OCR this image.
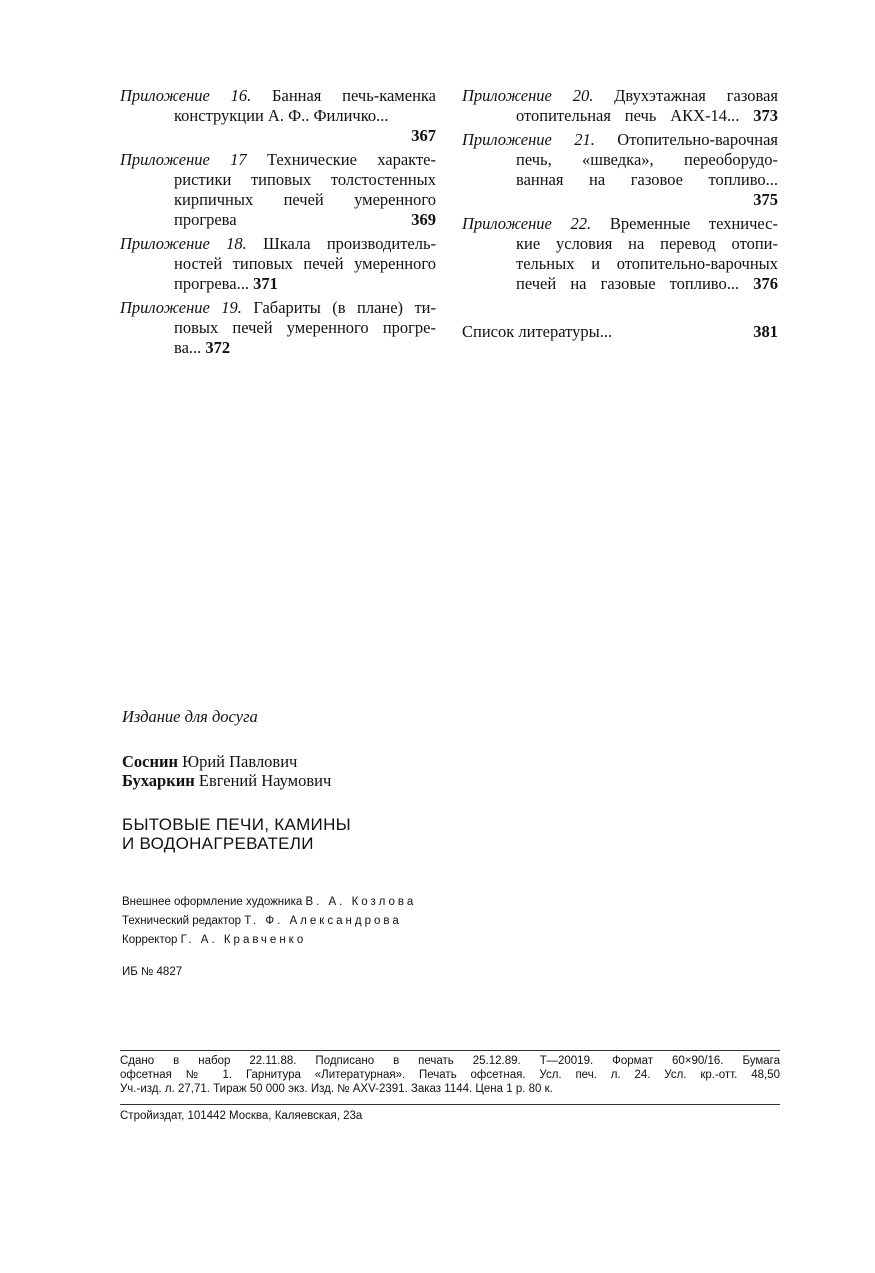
Приложение 16. Банная печь-каменка
конструкции А. Ф.. Филичко...
367
Приложение 17 Технические характе-
ристики типовых толстостенных
кирпичных печей умеренного
прогрева	369
Приложение 18. Шкала производитель-
ностей типовых печей умеренного
прогрева... 371
Приложение 19. Габариты (в плане) ти-
повых печей умеренного прогре-
ва... 372
Приложение 20. Двухэтажная газовая
отопительная печь АКХ-14... 373
Приложение 21. Отопительно-варочная
печь, «шведка», переоборудо-
ванная на газовое топливо...
375
Приложение 22. Временные техничес-
кие условия на перевод отопи-
тельных и отопительно-варочных
печей на газовые топливо... 376
Список литературы...	381
Издание для досуга
Соснин Юрий Павлович
Бухаркин Евгений Наумович
БЫТОВЫЕ ПЕЧИ, КАМИНЫ
И ВОДОНАГРЕВАТЕЛИ
Внешнее оформление художника В. А. Козлова
Технический редактор Т. Ф. Александрова
Корректор Г. А. Кравченко
ИБ № 4827
Сдано в набор 22.11.88. Подписано в печать 25.12.89. Т—20019. Формат 60×90/16. Бумага
офсетная № 1. Гарнитура «Литературная». Печать офсетная. Усл. печ. л. 24. Усл. кр.-отт. 48,50
Уч.-изд. л. 27,71. Тираж 50 000 экз. Изд. № AXV-2391. Заказ 1144. Цена 1 р. 80 к.
Стройиздат, 101442 Москва, Каляевская, 23а
